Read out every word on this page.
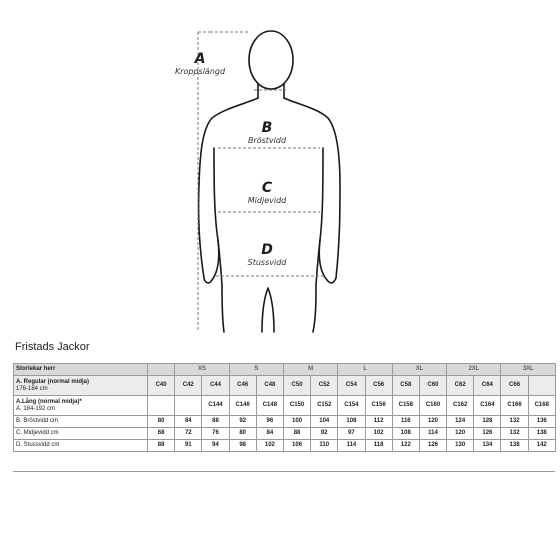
A
Kroppslängd
B
Bröstvidd
C
Midjevidd
D
Stussvidd
Fristads Jackor
Storlekar herr		XS		S		M		L		XL		2XL		3XL	
A. Regular (normal midja)
176-184 cm	C40	C42	C44	C46	C48	C50	C52	C54	C56	C58	C60	C62	C64	C66	
A.Lång (normal midja)*
A. 184-192 cm			C144	C146	C148	C150	C152	C154	C156	C158	C160	C162	C164	C166	C168
B. Bröstvidd cm	80	84	88	92	96	100	104	108	112	116	120	124	128	132	136
C. Midjevidd cm	68	72	76	80	84	88	92	97	102	108	114	120	126	132	138
D. Stussvidd cm	88	91	94	98	102	106	110	114	118	122	126	130	134	138	142
